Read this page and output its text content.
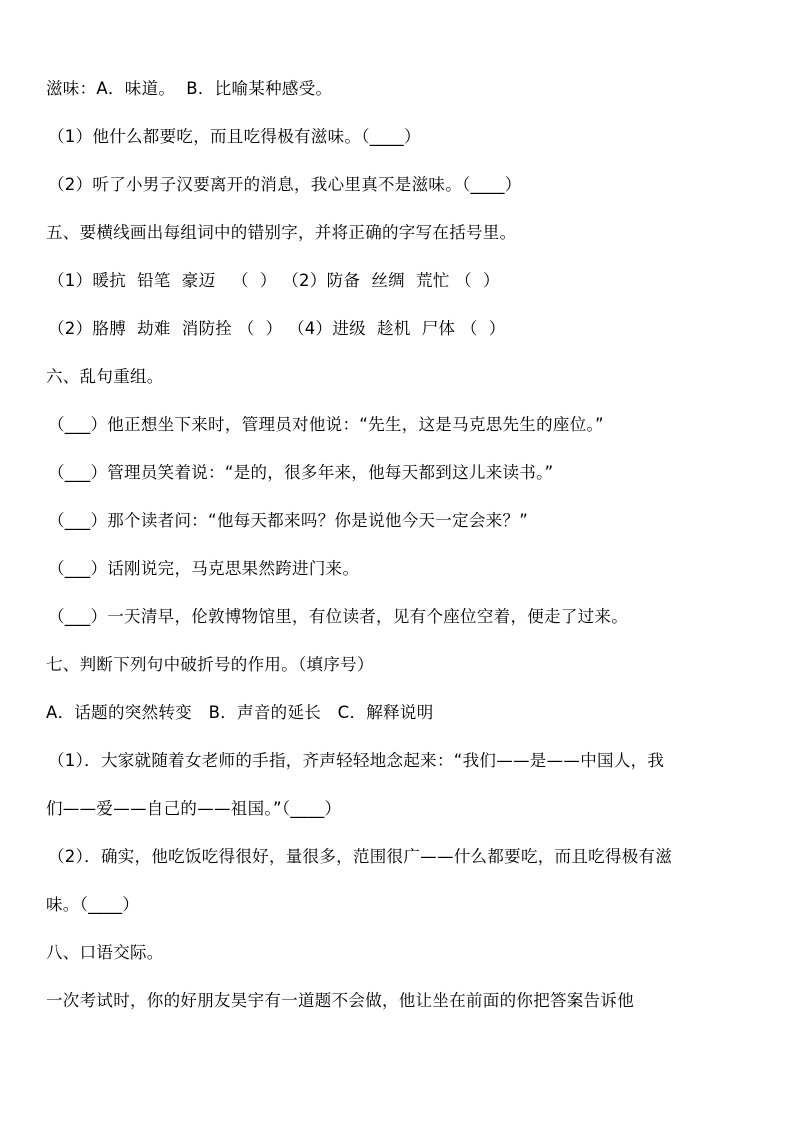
滋味：A．味道。  B．比喻某种感受。
（1）他什么都要吃，而且吃得极有滋味。（____）
（2）听了小男子汉要离开的消息，我心里真不是滋味。（____）
五、要横线画出每组词中的错别字，并将正确的字写在括号里。
（1）暖抗  铅笔  豪迈   （  ） （2）防备  丝绸  荒忙 （  ）
（2）胳膊  劫难  消防拴 （  ） （4）进级  趁机  尸体 （  ）
六、乱句重组。
（___）他正想坐下来时，管理员对他说：“先生，这是马克思先生的座位。”
（___）管理员笑着说：“是的，很多年来，他每天都到这儿来读书。”
（___）那个读者问：“他每天都来吗？你是说他今天一定会来？”
（___）话刚说完，马克思果然跨进门来。
（___）一天清早，伦敦博物馆里，有位读者，见有个座位空着，便走了过来。
七、判断下列句中破折号的作用。（填序号）
A．话题的突然转变   B．声音的延长   C．解释说明
（1）．大家就随着女老师的手指，齐声轻轻地念起来：“我们——是——中国人，我
们——爱——自己的——祖国。”（____）
（2）．确实，他吃饭吃得很好，量很多，范围很广——什么都要吃，而且吃得极有滋
味。（____）
八、口语交际。
一次考试时，你的好朋友昊宇有一道题不会做，他让坐在前面的你把答案告诉他
